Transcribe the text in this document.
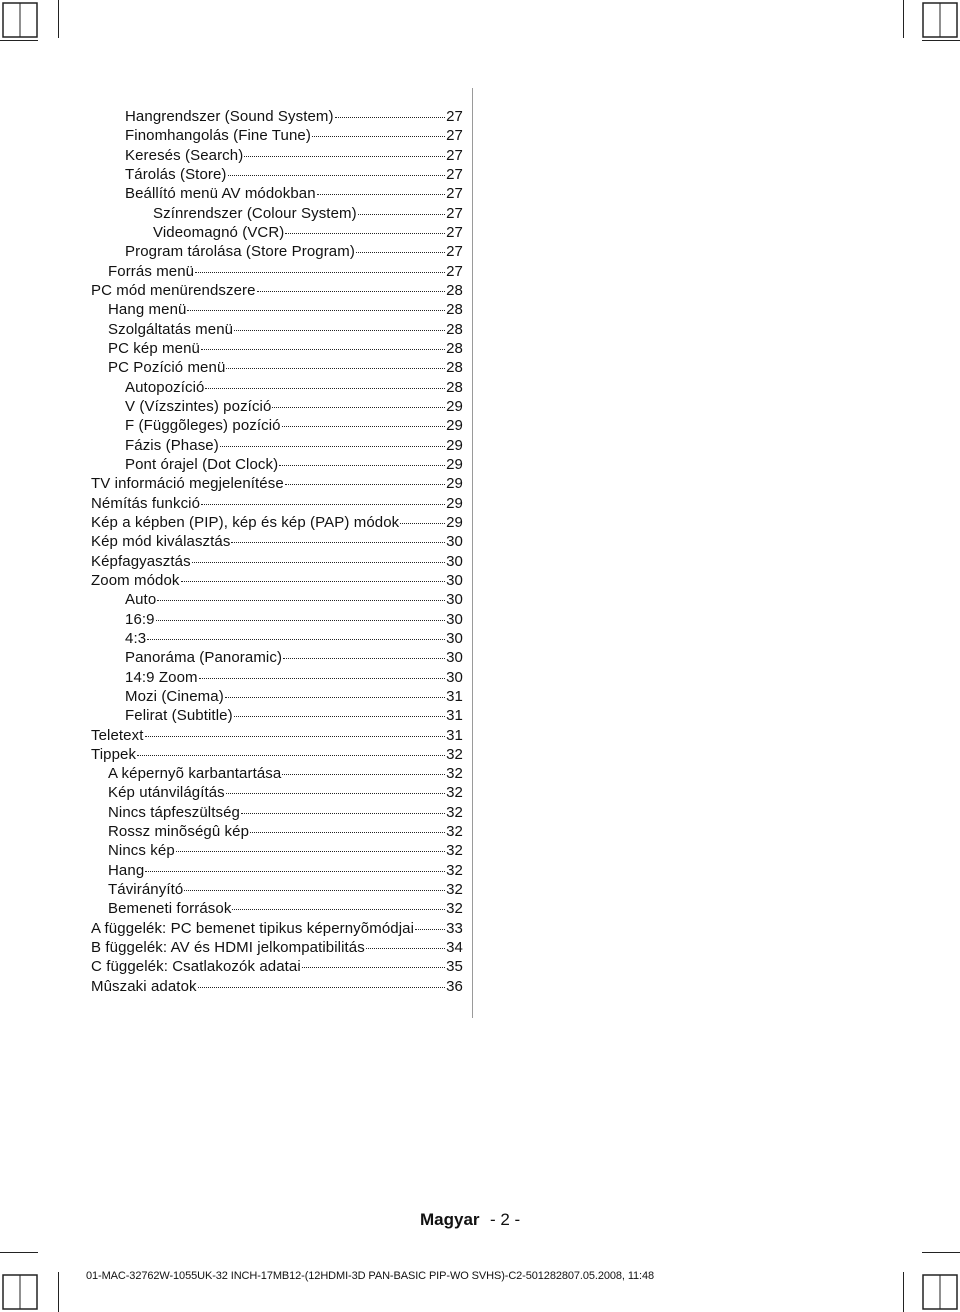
Hangrendszer (Sound System)	27
Finomhangolás (Fine Tune)	27
Keresés (Search)	27
Tárolás (Store)	27
Beállító menü AV módokban	27
Színrendszer (Colour System)	27
Videomagnó (VCR)	27
Program tárolása (Store Program)	27
Forrás menü	27
PC mód menürendszere	28
Hang menü	28
Szolgáltatás menü	28
PC kép menü	28
PC Pozíció menü	28
Autopozíció	28
V (Vízszintes) pozíció	29
F (Függõleges) pozíció	29
Fázis (Phase)	29
Pont órajel (Dot Clock)	29
TV információ megjelenítése	29
Némítás funkció	29
Kép a képben (PIP), kép és kép (PAP) módok	29
Kép mód kiválasztás	30
Képfagyasztás	30
Zoom módok	30
Auto	30
16:9	30
4:3	30
Panoráma (Panoramic)	30
14:9 Zoom	30
Mozi (Cinema)	31
Felirat (Subtitle)	31
Teletext	31
Tippek	32
A képernyõ karbantartása	32
Kép utánvilágítás	32
Nincs tápfeszültség	32
Rossz minõségû kép	32
Nincs kép	32
Hang	32
Távirányító	32
Bemeneti források	32
A függelék: PC bemenet tipikus képernyõmódjai 33
B függelék: AV és HDMI jelkompatibilitás	34
C függelék: Csatlakozók adatai	35
Mûszaki adatok	36
Magyar - 2 -
01-MAC-32762W-1055UK-32 INCH-17MB12-(12HDMI-3D PAN-BASIC PIP-WO SVHS)-C2-501282807.05.2008, 11:48
